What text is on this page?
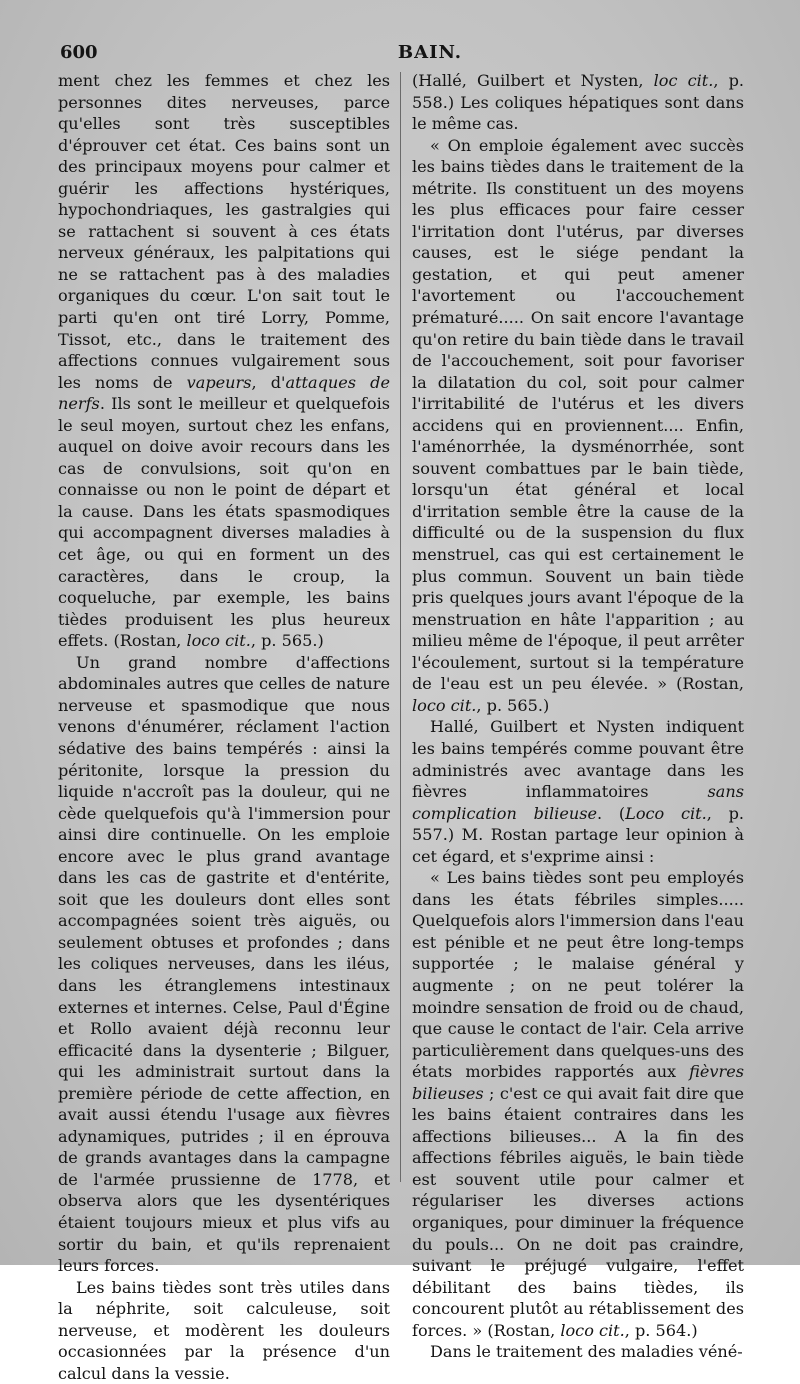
600	BAIN.

ment chez les femmes et chez les personnes dites nerveuses, parce qu'elles sont très susceptibles d'éprouver cet état. Ces bains sont un des principaux moyens pour calmer et guérir les affections hystériques, hypochondriaques, les gastralgies qui se rattachent si souvent à ces états nerveux généraux, les palpitations qui ne se rattachent pas à des maladies organiques du cœur. L'on sait tout le parti qu'en ont tiré Lorry, Pomme, Tissot, etc., dans le traitement des affections connues vulgairement sous les noms de vapeurs, d'attaques de nerfs. Ils sont le meilleur et quelquefois le seul moyen, surtout chez les enfans, auquel on doive avoir recours dans les cas de convulsions, soit qu'on en connaisse ou non le point de départ et la cause. Dans les états spasmodiques qui accompagnent diverses maladies à cet âge, ou qui en forment un des caractères, dans le croup, la coqueluche, par exemple, les bains tièdes produisent les plus heureux effets. (Rostan, loco cit., p. 565.)

Un grand nombre d'affections abdominales autres que celles de nature nerveuse et spasmodique que nous venons d'énumérer, réclament l'action sédative des bains tempérés : ainsi la péritonite, lorsque la pression du liquide n'accroît pas la douleur, qui ne cède quelquefois qu'à l'immersion pour ainsi dire continuelle. On les emploie encore avec le plus grand avantage dans les cas de gastrite et d'entérite, soit que les douleurs dont elles sont accompagnées soient très aiguës, ou seulement obtuses et profondes ; dans les coliques nerveuses, dans les iléus, dans les étranglemens intestinaux externes et internes. Celse, Paul d'Égine et Rollo avaient déjà reconnu leur efficacité dans la dysenterie ; Bilguer, qui les administrait surtout dans la première période de cette affection, en avait aussi étendu l'usage aux fièvres adynamiques, putrides ; il en éprouva de grands avantages dans la campagne de l'armée prussienne de 1778, et observa alors que les dysentériques étaient toujours mieux et plus vifs au sortir du bain, et qu'ils reprenaient leurs forces.

Les bains tièdes sont très utiles dans la néphrite, soit calculeuse, soit nerveuse, et modèrent les douleurs occasionnées par la présence d'un calcul dans la vessie.

(Hallé, Guilbert et Nysten, loc cit., p. 558.) Les coliques hépatiques sont dans le même cas.

« On emploie également avec succès les bains tièdes dans le traitement de la métrite. Ils constituent un des moyens les plus efficaces pour faire cesser l'irritation dont l'utérus, par diverses causes, est le siége pendant la gestation, et qui peut amener l'avortement ou l'accouchement prématuré..... On sait encore l'avantage qu'on retire du bain tiède dans le travail de l'accouchement, soit pour favoriser la dilatation du col, soit pour calmer l'irritabilité de l'utérus et les divers accidens qui en proviennent.... Enfin, l'aménorrhée, la dysménorrhée, sont souvent combattues par le bain tiède, lorsqu'un état général et local d'irritation semble être la cause de la difficulté ou de la suspension du flux menstruel, cas qui est certainement le plus commun. Souvent un bain tiède pris quelques jours avant l'époque de la menstruation en hâte l'apparition ; au milieu même de l'époque, il peut arrêter l'écoulement, surtout si la température de l'eau est un peu élevée. » (Rostan, loco cit., p. 565.)

Hallé, Guilbert et Nysten indiquent les bains tempérés comme pouvant être administrés avec avantage dans les fièvres inflammatoires sans complication bilieuse. (Loco cit., p. 557.) M. Rostan partage leur opinion à cet égard, et s'exprime ainsi :

« Les bains tièdes sont peu employés dans les états fébriles simples..... Quelquefois alors l'immersion dans l'eau est pénible et ne peut être long-temps supportée ; le malaise général y augmente ; on ne peut tolérer la moindre sensation de froid ou de chaud, que cause le contact de l'air. Cela arrive particulièrement dans quelques-uns des états morbides rapportés aux fièvres bilieuses ; c'est ce qui avait fait dire que les bains étaient contraires dans les affections bilieuses... A la fin des affections fébriles aiguës, le bain tiède est souvent utile pour calmer et régulariser les diverses actions organiques, pour diminuer la fréquence du pouls... On ne doit pas craindre, suivant le préjugé vulgaire, l'effet débilitant des bains tièdes, ils concourent plutôt au rétablissement des forces. » (Rostan, loco cit., p. 564.)

Dans le traitement des maladies véné-
